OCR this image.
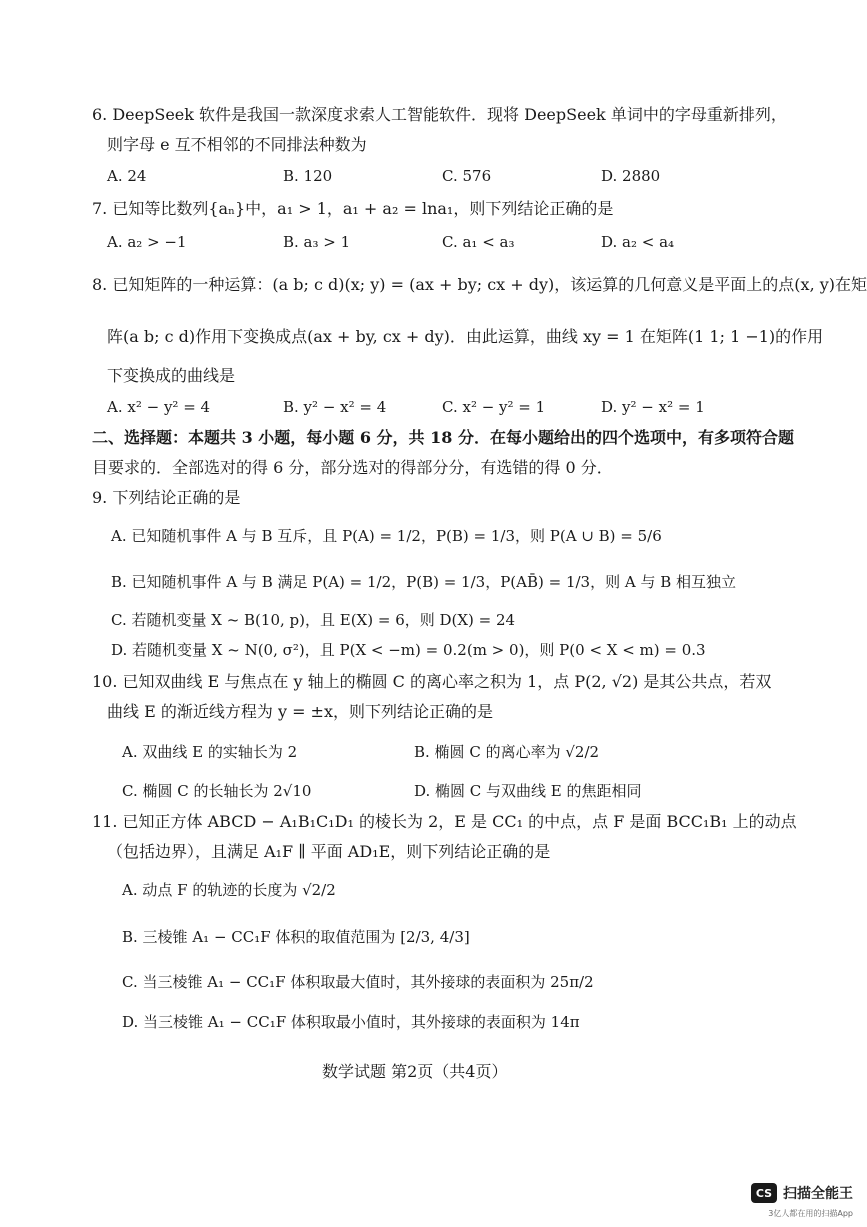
6. DeepSeek 软件是我国一款深度求索人工智能软件．现将 DeepSeek 单词中的字母重新排列，
则字母 e 互不相邻的不同排法种数为
A. 24	B. 120	C. 576	D. 2880
7. 已知等比数列{aₙ}中，a₁ > 1，a₁ + a₂ = lna₁，则下列结论正确的是
A. a₂ > −1	B. a₃ > 1	C. a₁ < a₃	D. a₂ < a₄
8. 已知矩阵的一种运算：(a b; c d)(x; y) = (ax + by; cx + dy)，该运算的几何意义是平面上的点(x, y)在矩
阵(a b; c d)作用下变换成点(ax + by, cx + dy)．由此运算，曲线 xy = 1 在矩阵(1 1; 1 −1)的作用
下变换成的曲线是
A. x² − y² = 4	B. y² − x² = 4	C. x² − y² = 1	D. y² − x² = 1
二、选择题：本题共 3 小题，每小题 6 分，共 18 分．在每小题给出的四个选项中，有多项符合题
目要求的．全部选对的得 6 分，部分选对的得部分分，有选错的得 0 分．
9. 下列结论正确的是
A. 已知随机事件 A 与 B 互斥，且 P(A) = 1/2，P(B) = 1/3，则 P(A ∪ B) = 5/6
B. 已知随机事件 A 与 B 满足 P(A) = 1/2，P(B) = 1/3，P(AB̄) = 1/3，则 A 与 B 相互独立
C. 若随机变量 X ~ B(10, p)，且 E(X) = 6，则 D(X) = 24
D. 若随机变量 X ~ N(0, σ²)，且 P(X < −m) = 0.2(m > 0)，则 P(0 < X < m) = 0.3
10. 已知双曲线 E 与焦点在 y 轴上的椭圆 C 的离心率之积为 1，点 P(2, √2) 是其公共点，若双
曲线 E 的渐近线方程为 y = ±x，则下列结论正确的是
A. 双曲线 E 的实轴长为 2	B. 椭圆 C 的离心率为 √2/2
C. 椭圆 C 的长轴长为 2√10	D. 椭圆 C 与双曲线 E 的焦距相同
11. 已知正方体 ABCD − A₁B₁C₁D₁ 的棱长为 2，E 是 CC₁ 的中点，点 F 是面 BCC₁B₁ 上的动点
（包括边界），且满足 A₁F ∥ 平面 AD₁E，则下列结论正确的是
A. 动点 F 的轨迹的长度为 √2/2
B. 三棱锥 A₁ − CC₁F 体积的取值范围为 [2/3, 4/3]
C. 当三棱锥 A₁ − CC₁F 体积取最大值时，其外接球的表面积为 25π/2
D. 当三棱锥 A₁ − CC₁F 体积取最小值时，其外接球的表面积为 14π
数学试题 第2页（共4页）
CS 扫描全能王
3亿人都在用的扫描App
